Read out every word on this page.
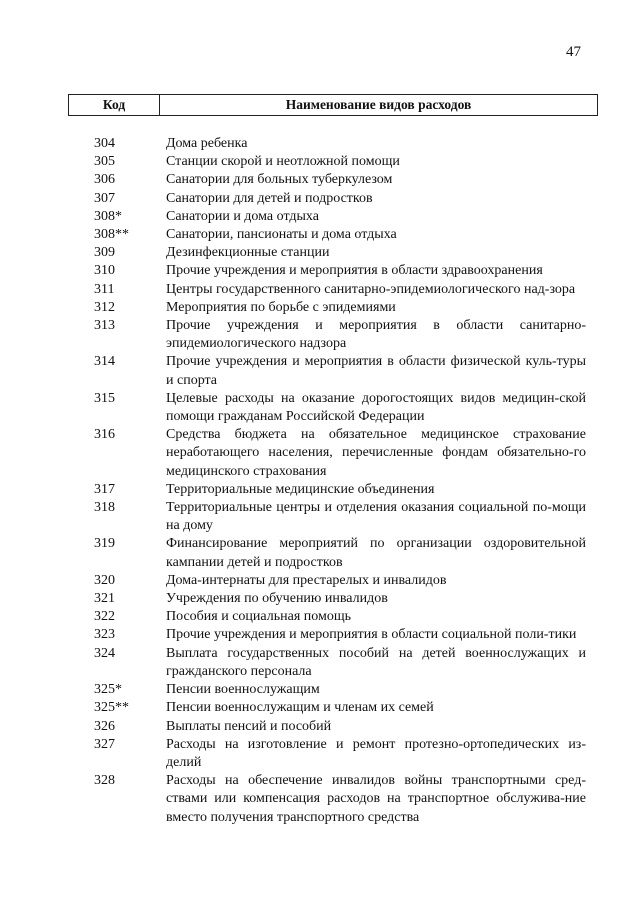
47
Код	Наименование видов расходов
304	Дома ребенка
305	Станции скорой и неотложной помощи
306	Санатории для больных туберкулезом
307	Санатории для детей и подростков
308*	Санатории и дома отдыха
308**	Санатории, пансионаты и дома отдыха
309	Дезинфекционные станции
310	Прочие учреждения и мероприятия в области здравоохранения
311	Центры государственного санитарно-эпидемиологического над-зора
312	Мероприятия по борьбе с эпидемиями
313	Прочие учреждения и мероприятия в области санитарно-эпидемиологического надзора
314	Прочие учреждения и мероприятия в области физической куль-туры и спорта
315	Целевые расходы на оказание дорогостоящих видов медицин-ской помощи гражданам Российской Федерации
316	Средства бюджета на обязательное медицинское страхование неработающего населения, перечисленные фондам обязательно-го медицинского страхования
317	Территориальные медицинские объединения
318	Территориальные центры и отделения оказания социальной по-мощи на дому
319	Финансирование мероприятий по организации оздоровительной кампании детей и подростков
320	Дома-интернаты для престарелых и инвалидов
321	Учреждения по обучению инвалидов
322	Пособия и социальная помощь
323	Прочие учреждения и мероприятия в области социальной поли-тики
324	Выплата государственных пособий на детей военнослужащих и гражданского персонала
325*	Пенсии военнослужащим
325**	Пенсии военнослужащим и членам их семей
326	Выплаты пенсий и пособий
327	Расходы на изготовление и ремонт протезно-ортопедических из-делий
328	Расходы на обеспечение инвалидов войны транспортными сред-ствами или компенсация расходов на транспортное обслужива-ние вместо получения транспортного средства
